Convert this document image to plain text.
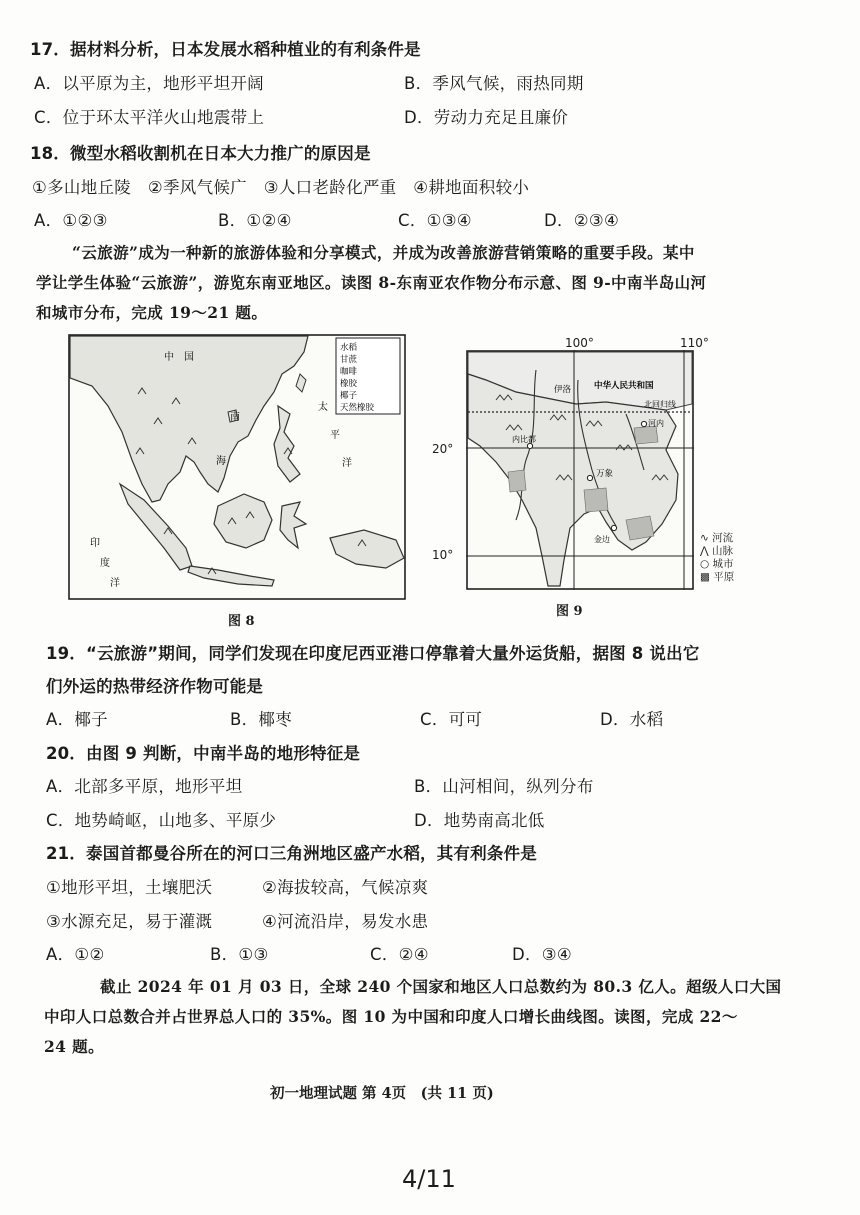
17．据材料分析，日本发展水稻种植业的有利条件是
A．以平原为主，地形平坦开阔	B．季风气候，雨热同期
C．位于环太平洋火山地震带上	D．劳动力充足且廉价
18．微型水稻收割机在日本大力推广的原因是
①多山地丘陵　②季风气候广　③人口老龄化严重　④耕地面积较小
A．①②③	B．①②④	C．①③④	D．②③④

“云旅游”成为一种新的旅游体验和分享模式，并成为改善旅游营销策略的重要手段。某中

学让学生体验“云旅游”，游览东南亚地区。读图 8-东南亚农作物分布示意、图 9-中南半岛山河

和城市分布，完成 19～21 题。

中　国
南
海
太
平
洋
印
度
洋
水稻
甘蔗
咖啡
橡胶
椰子
天然橡胶
图 8
100°	110°
20°
10°
中华人民共和国
北回归线
伊洛
内比都
万象
金边
河内
∿ 河流
⋀ 山脉
○ 城市
▩ 平原
图 9
19．“云旅游”期间，同学们发现在印度尼西亚港口停靠着大量外运货船，据图 8 说出它
们外运的热带经济作物可能是
A．椰子	B．椰枣	C．可可	D．水稻
20．由图 9 判断，中南半岛的地形特征是
A．北部多平原，地形平坦	B．山河相间，纵列分布
C．地势崎岖，山地多、平原少	D．地势南高北低
21．泰国首都曼谷所在的河口三角洲地区盛产水稻，其有利条件是
①地形平坦，土壤肥沃	②海拔较高，气候凉爽
③水源充足，易于灌溉	④河流沿岸，易发水患
A．①②	B．①③	C．②④	D．③④

截止 2024 年 01 月 03 日，全球 240 个国家和地区人口总数约为 80.3 亿人。超级人口大国

中印人口总数合并占世界总人口的 35%。图 10 为中国和印度人口增长曲线图。读图，完成 22～

24 题。

初一地理试题 第 4页　(共 11 页)
4/11
